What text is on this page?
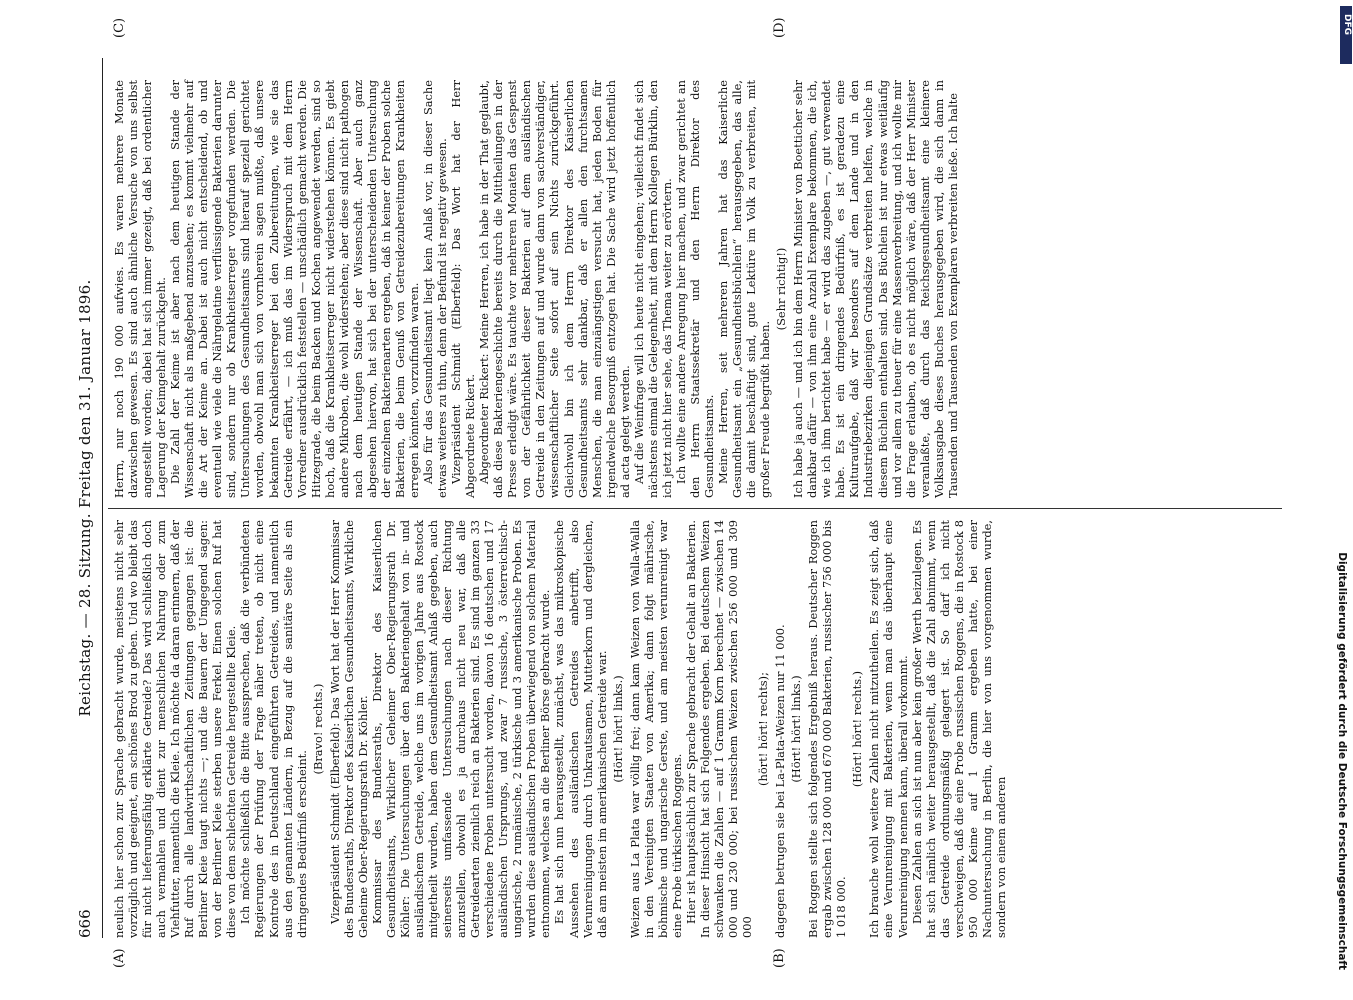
666
Reichstag. — 28. Sitzung. Freitag den 31. Januar 1896.

neulich hier schon zur Sprache gebracht wurde, meistens nicht sehr vorzüglich und geeignet, ein schönes Brod zu geben. Und wo bleibt das für nicht lieferungsfähig erklärte Getreide? Das wird schließlich doch auch vermahlen und dient zur menschlichen Nahrung oder zum Viehfutter, namentlich die Kleie. Ich möchte da daran erinnern, daß der Ruf durch alle landwirthschaftlichen Zeitungen gegangen ist: die Berliner Kleie taugt nichts —; und die Bauern der Umgegend sagen: von der Berliner Kleie sterben unsere Ferkel. Einen solchen Ruf hat diese von dem schlechten Getreide hergestellte Kleie. Ich möchte schließlich die Bitte aussprechen, daß die verbündeten Regierungen der Prüfung der Frage näher treten, ob nicht eine Kontrole des in Deutschland eingeführten Getreides, und namentlich aus den genannten Ländern, in Bezug auf die sanitäre Seite als ein dringendes Bedürfniß erscheint.

(Bravo! rechts.) Vizepräsident Schmidt (Elberfeld): Das Wort hat der Herr Kommissar des Bundesraths, Direktor des Kaiserlichen Gesundheitsamts, Wirkliche Geheime Ober-Regierungsrath Dr. Köhler. Kommissar des Bundesraths, Direktor des Kaiserlichen Gesundheitsamts, Wirklicher Geheimer Ober-Regierungsrath Dr. Köhler: Die Untersuchungen über den Bakteriengehalt von in- und ausländischem Getreide, welche uns im vorigen Jahre aus Rostock mitgetheilt wurden, haben dem Gesundheitsamt Anlaß gegeben, auch seinerseits umfassende Untersuchungen nach dieser Richtung anzustellen, obwohl es ja durchaus nicht neu war, daß alle Getreidearten ziemlich reich an Bakterien sind. Es sind im ganzen 33 verschiedene Proben untersucht worden, davon 16 deutschen und 17 ausländischen Ursprungs, und zwar 7 russische, 3 österreichisch-ungarische, 2 rumänische, 2 türkische und 3 amerikanische Proben. Es wurden diese ausländischen Proben überwiegend von solchem Material entnommen, welches an die Berliner Börse gebracht wurde. Es hat sich nun herausgestellt, zunächst, was das mikroskopische Aussehen des ausländischen Getreides anbetrifft, also Verunreinigungen durch Unkrautsamen, Mutterkorn und dergleichen, daß am meisten im amerikanischen Getreide war. (Hört! hört! links.) Weizen aus La Plata war völlig frei; dann kam Weizen von Walla-Walla in den Vereinigten Staaten von Amerika; dann folgt mährische, böhmische und ungarische Gerste, und am meisten verunreinigt war eine Probe türkischen Roggens. Hier ist hauptsächlich zur Sprache gebracht der Gehalt an Bakterien. In dieser Hinsicht hat sich Folgendes ergeben. Bei deutschem Weizen schwanken die Zahlen — auf 1 Gramm Korn berechnet — zwischen 14 000 und 230 000; bei russischem Weizen zwischen 256 000 und 309 000

(hört! hört! rechts); dagegen betrugen sie bei La-Plata-Weizen nur 11 000. (Hört! hört! links.) Bei Roggen stellte sich folgendes Ergebniß heraus. Deutscher Roggen ergab zwischen 128 000 und 670 000 Bakterien, russischer 756 000 bis 1 018 000.

(Hört! hört! rechts.) Ich brauche wohl weitere Zahlen nicht mitzutheilen. Es zeigt sich, daß eine Verunreinigung mit Bakterien, wenn man das überhaupt eine Verunreinigung nennen kann, überall vorkommt. Diesen Zahlen an sich ist nun aber kein großer Werth beizulegen. Es hat sich nämlich weiter herausgestellt, daß die Zahl abnimmt, wenn das Getreide ordnungsmäßig gelagert ist. So darf ich nicht verschweigen, daß die eine Probe russischen Roggens, die in Rostock 8 950 000 Keime auf 1 Gramm ergeben hatte, bei einer Nachuntersuchung in Berlin, die hier von uns vorgenommen wurde, sondern von einem anderen

Herrn, nur noch 190 000 aufwies. Es waren mehrere Monate dazwischen gewesen. Es sind auch ähnliche Versuche von uns selbst angestellt worden; dabei hat sich immer gezeigt, daß bei ordentlicher Lagerung der Keimgehalt zurückgeht. Die Zahl der Keime ist aber nach dem heutigen Stande der Wissenschaft nicht als maßgebend anzusehen; es kommt vielmehr auf die Art der Keime an. Dabei ist auch nicht entscheidend, ob und eventuell wie viele die Nährgelatine verflüssigende Bakterien darunter sind, sondern nur ob Krankheitserreger vorgefunden werden. Die Untersuchungen des Gesundheitsamts sind hierauf speziell gerichtet worden, obwohl man sich von vornherein sagen mußte, daß unsere bekannten Krankheitserreger bei den Zubereitungen, wie sie das Getreide erfährt, — ich muß das im Widerspruch mit dem Herrn Vorredner ausdrücklich feststellen — unschädlich gemacht werden. Die Hitzegrade, die beim Backen und Kochen angewendet werden, sind so hoch, daß die Krankheitserreger nicht widerstehen können. Es giebt andere Mikroben, die wohl widerstehen; aber diese sind nicht pathogen nach dem heutigen Stande der Wissenschaft. Aber auch ganz abgesehen hiervon, hat sich bei der unterscheidenden Untersuchung der einzelnen Bakterienarten ergeben, daß in keiner der Proben solche Bakterien, die beim Genuß von Getreidezubereitungen Krankheiten erregen könnten, vorzufinden waren. Also für das Gesundheitsamt liegt kein Anlaß vor, in dieser Sache etwas weiteres zu thun, denn der Befund ist negativ gewesen. Vizepräsident Schmidt (Elberfeld): Das Wort hat der Herr Abgeordnete Rickert. Abgeordneter Rickert: Meine Herren, ich habe in der That geglaubt, daß diese Bakteriengeschichte bereits durch die Mittheilungen in der Presse erledigt wäre. Es tauchte vor mehreren Monaten das Gespenst von der Gefährlichkeit dieser Bakterien auf dem ausländischen Getreide in den Zeitungen auf und wurde dann von sachverständiger, wissenschaftlicher Seite sofort auf sein Nichts zurückgeführt. Gleichwohl bin ich dem Herrn Direktor des Kaiserlichen Gesundheitsamts sehr dankbar, daß er allen den furchtsamen Menschen, die man einzuängstigen versucht hat, jeden Boden für irgendwelche Besorgniß entzogen hat. Die Sache wird jetzt hoffentlich ad acta gelegt werden. Auf die Weinfrage will ich heute nicht eingehen; vielleicht findet sich nächstens einmal die Gelegenheit, mit dem Herrn Kollegen Bürklin, den ich jetzt nicht hier sehe, das Thema weiter zu erörtern. Ich wollte eine andere Anregung hier machen, und zwar gerichtet an den Herrn Staatssekretär und den Herrn Direktor des Gesundheitsamts. Meine Herren, seit mehreren Jahren hat das Kaiserliche Gesundheitsamt ein „Gesundheitsbüchlein“ herausgegeben, das alle, die damit beschäftigt sind, gute Lektüre im Volk zu verbreiten, mit großer Freude begrüßt haben.

(Sehr richtig!) Ich habe ja auch — und ich bin dem Herrn Minister von Boetticher sehr dankbar dafür — von ihm eine Anzahl Exemplare bekommen, die ich, wie ich ihm berichtet habe — er wird das zugeben —, gut verwendet habe. Es ist ein dringendes Bedürfniß, es ist geradezu eine Kulturaufgabe, daß wir besonders auf dem Lande und in den Industriebezirken diejenigen Grundsätze verbreiten helfen, welche in diesem Büchlein enthalten sind. Das Büchlein ist nur etwas weitläufig und vor allem zu theuer für eine Massenverbreitung, und ich wollte mir die Frage erlauben, ob es nicht möglich wäre, daß der Herr Minister veranlaßte, daß durch das Reichsgesundheitsamt eine kleinere Volksausgabe dieses Buches herausgegeben wird, die sich dann in Tausenden und Tausenden von Exemplaren verbreiten ließe. Ich halte

(A)	(B)
(C)	(D)	DFG
Digitalisierung gefördert durch die Deutsche Forschungsgemeinschaft
